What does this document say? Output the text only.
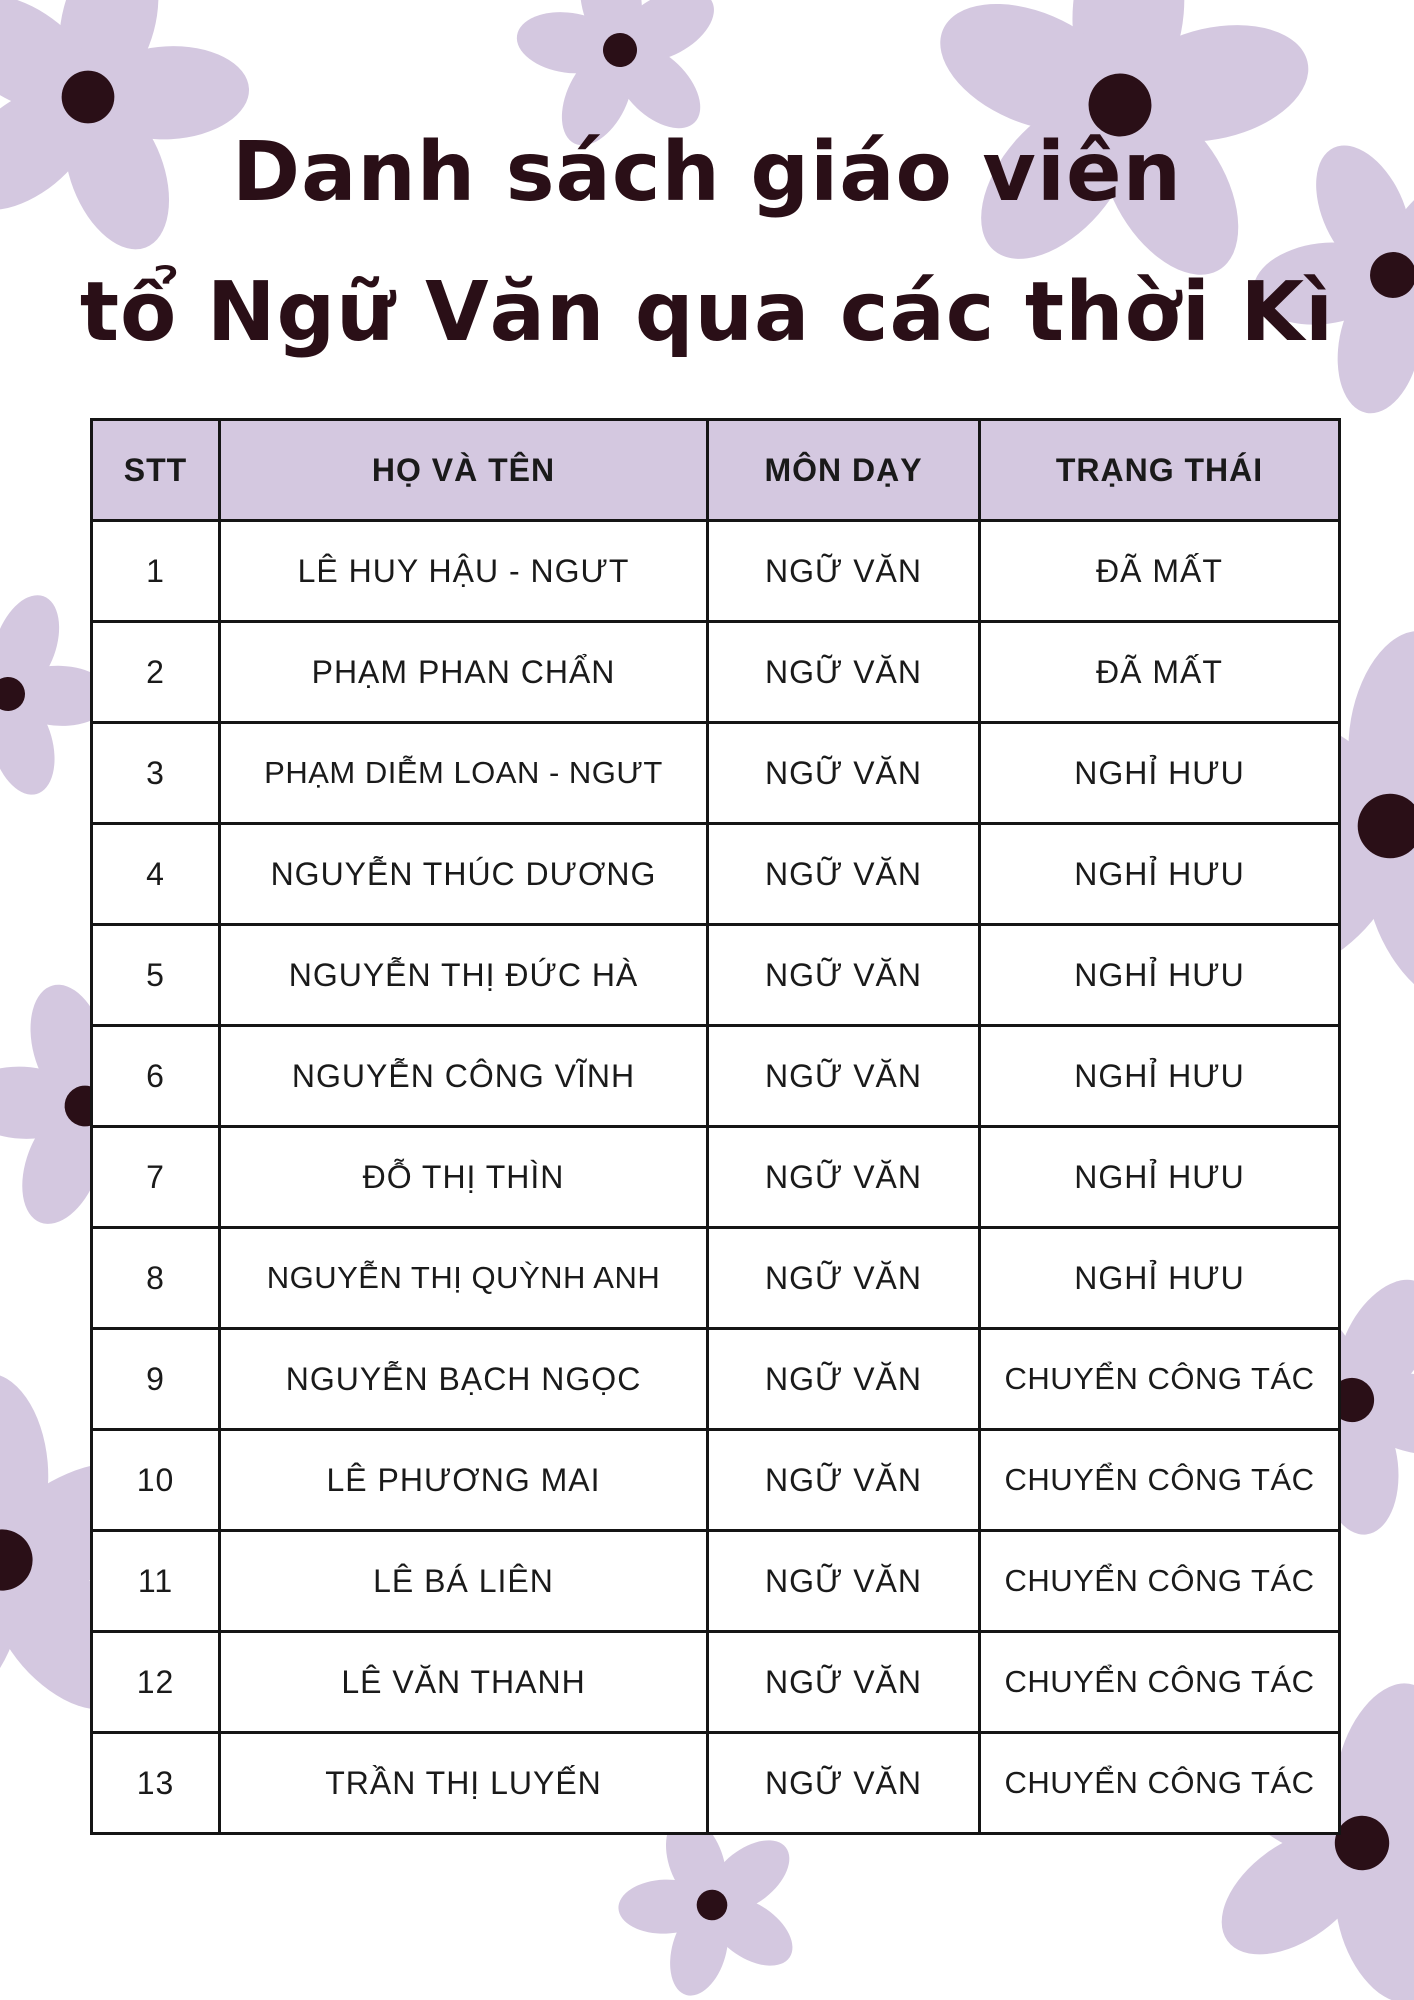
Danh sách giáo viên
tổ Ngữ Văn qua các thời Kì
STT	HỌ VÀ TÊN	MÔN DẠY	TRẠNG THÁI
1	LÊ HUY HẬU - NGƯT	NGỮ VĂN	ĐÃ MẤT
2	PHẠM PHAN CHẨN	NGỮ VĂN	ĐÃ MẤT
3	PHẠM DIỄM LOAN - NGƯT	NGỮ VĂN	NGHỈ HƯU
4	NGUYỄN THÚC DƯƠNG	NGỮ VĂN	NGHỈ HƯU
5	NGUYỄN THỊ ĐỨC HÀ	NGỮ VĂN	NGHỈ HƯU
6	NGUYỄN CÔNG VĨNH	NGỮ VĂN	NGHỈ HƯU
7	ĐỖ THỊ THÌN	NGỮ VĂN	NGHỈ HƯU
8	NGUYỄN THỊ QUỲNH ANH	NGỮ VĂN	NGHỈ HƯU
9	NGUYỄN BẠCH NGỌC	NGỮ VĂN	CHUYỂN CÔNG TÁC
10	LÊ PHƯƠNG MAI	NGỮ VĂN	CHUYỂN CÔNG TÁC
11	LÊ BÁ LIÊN	NGỮ VĂN	CHUYỂN CÔNG TÁC
12	LÊ VĂN THANH	NGỮ VĂN	CHUYỂN CÔNG TÁC
13	TRẦN THỊ LUYẾN	NGỮ VĂN	CHUYỂN CÔNG TÁC
